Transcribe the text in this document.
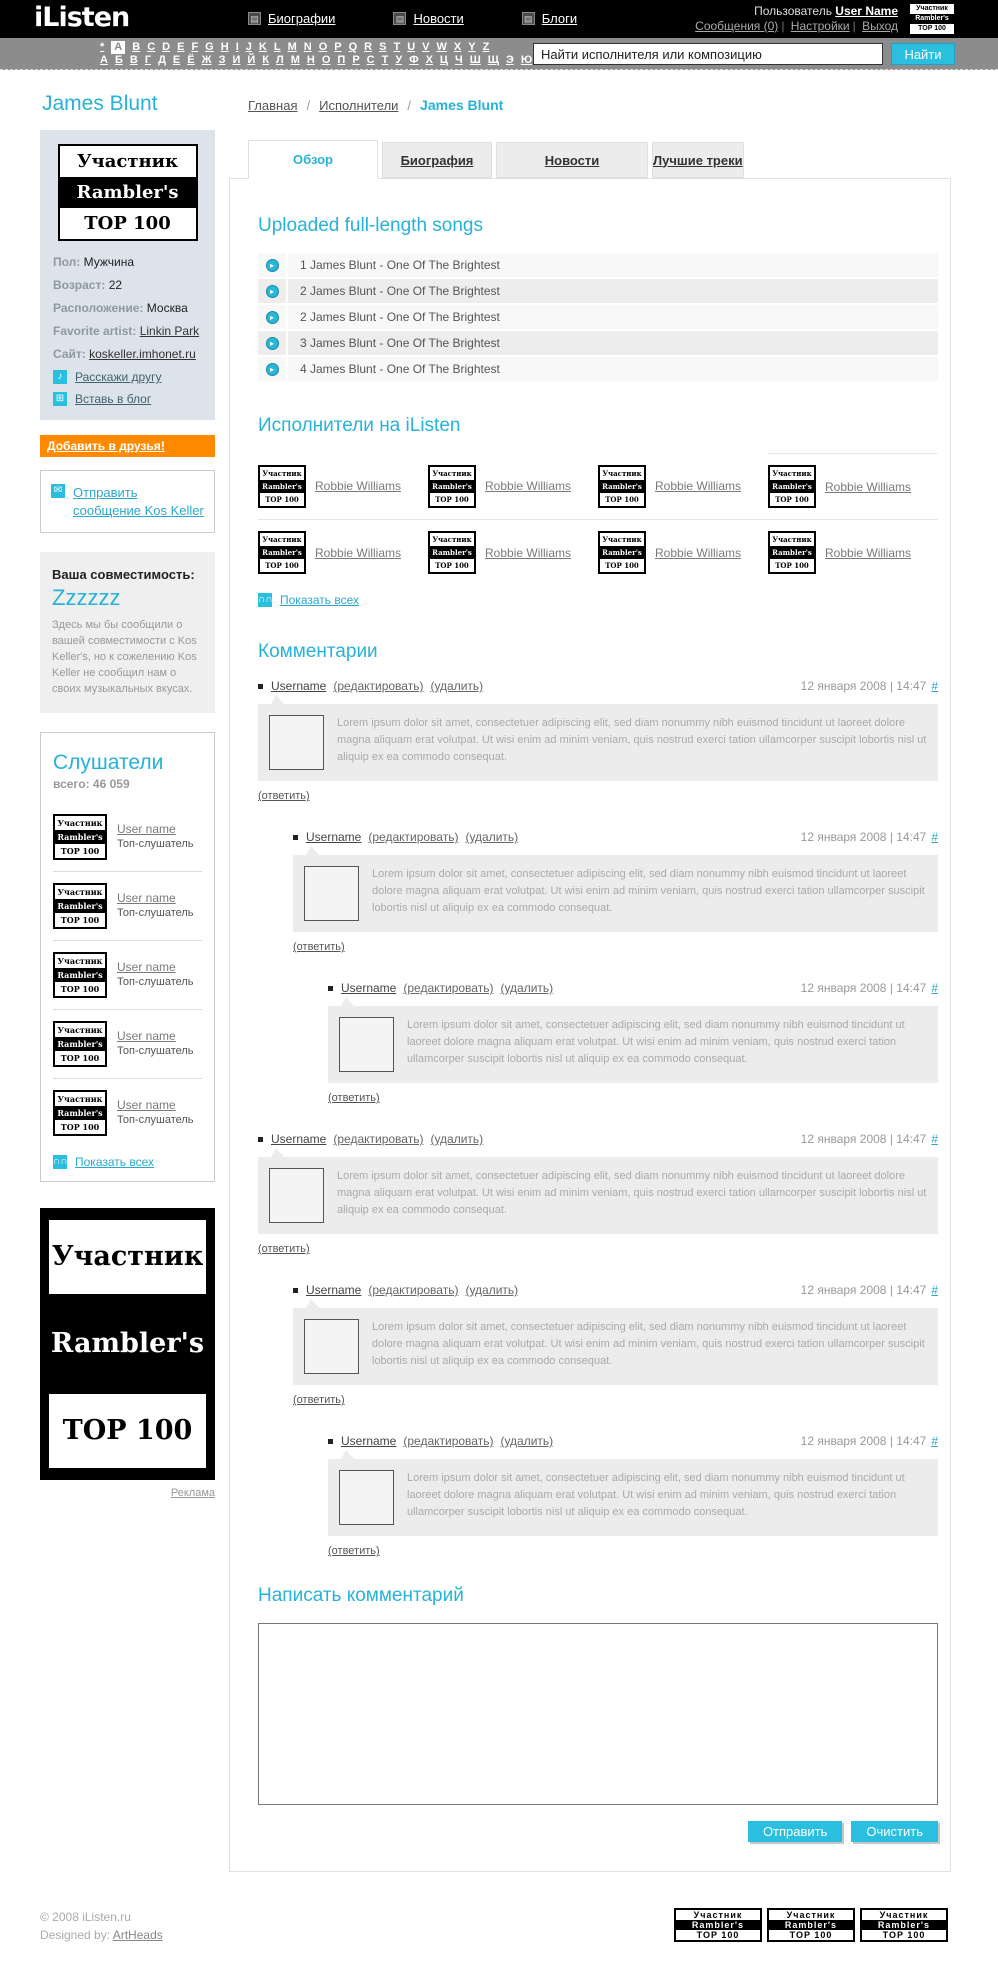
iListen	▤ Биографии	▤ Новости	▤ Блоги	Пользователь User Name
Сообщения (0) | Настройки | Выход
Участник
Rambler's
TOP 100
* A B C D E F G H I J K L M N O P Q R S T U V W X Y Z
А Б В Г Д Е Ё Ж З И Й К Л М Н О П Р С Т У Ф Х Ц Ч Ш Щ Э Ю
Найти исполнителя или композицию	Найти
James Blunt
Участник
Rambler's
TOP 100
Пол: Мужчина
Возраст: 22
Расположение: Москва
Favorite artist: Linkin Park
Сайт: koskeller.imhonet.ru
♪	Расскажи другу
⊞ Вставь в блог
Добавить в друзья!
✉ Отправить сообщение Kos Keller
Ваша совместимость:
Zzzzzz

Здесь мы бы сообщили о вашей совместимости с Kos Keller's, но к сожелению Kos Keller не сообщил нам о своих музыкальных вкусах.

Слушатели
всего: 46 059
Участник
Rambler's
TOP 100
User name
Топ-слушатель
Участник
Rambler's
TOP 100
User name
Топ-слушатель
Участник
Rambler's
TOP 100
User name
Топ-слушатель
Участник
Rambler's
TOP 100
User name
Топ-слушатель
Участник
Rambler's
TOP 100
User name
Топ-слушатель
∩∩ Показать всех
Участник
Rambler's
TOP 100
Реклама
Главная / Исполнители / James Blunt
Обзор	Биография	Новости	Лучшие треки
Uploaded full-length songs
▸	1 James Blunt - One Of The Brightest
▸	2 James Blunt - One Of The Brightest
▸	2 James Blunt - One Of The Brightest
▸	3 James Blunt - One Of The Brightest
▸	4 James Blunt - One Of The Brightest
Исполнители на iListen
Участник
Rambler's
TOP 100
Robbie Williams
Участник
Rambler's
TOP 100
Robbie Williams
Участник
Rambler's
TOP 100
Robbie Williams
Участник
Rambler's
TOP 100
Robbie Williams
Участник
Rambler's
TOP 100
Robbie Williams
Участник
Rambler's
TOP 100
Robbie Williams
Участник
Rambler's
TOP 100
Robbie Williams
Участник
Rambler's
TOP 100
Robbie Williams
∩∩ Показать всех
Комментарии
Username (редактировать) (удалить)	12 января 2008 | 14:47 #
Lorem ipsum dolor sit amet, consectetuer adipiscing elit, sed diam nonummy nibh euismod tincidunt ut laoreet dolore magna aliquam erat volutpat. Ut wisi enim ad minim veniam, quis nostrud exerci tation ullamcorper suscipit lobortis nisl ut aliquip ex ea commodo consequat.
(ответить)
Username (редактировать) (удалить)	12 января 2008 | 14:47 #
Lorem ipsum dolor sit amet, consectetuer adipiscing elit, sed diam nonummy nibh euismod tincidunt ut laoreet dolore magna aliquam erat volutpat. Ut wisi enim ad minim veniam, quis nostrud exerci tation ullamcorper suscipit lobortis nisl ut aliquip ex ea commodo consequat.
(ответить)
Username (редактировать) (удалить)	12 января 2008 | 14:47 #
Lorem ipsum dolor sit amet, consectetuer adipiscing elit, sed diam nonummy nibh euismod tincidunt ut laoreet dolore magna aliquam erat volutpat. Ut wisi enim ad minim veniam, quis nostrud exerci tation ullamcorper suscipit lobortis nisl ut aliquip ex ea commodo consequat.
(ответить)
Username (редактировать) (удалить)	12 января 2008 | 14:47 #
Lorem ipsum dolor sit amet, consectetuer adipiscing elit, sed diam nonummy nibh euismod tincidunt ut laoreet dolore magna aliquam erat volutpat. Ut wisi enim ad minim veniam, quis nostrud exerci tation ullamcorper suscipit lobortis nisl ut aliquip ex ea commodo consequat.
(ответить)
Username (редактировать) (удалить)	12 января 2008 | 14:47 #
Lorem ipsum dolor sit amet, consectetuer adipiscing elit, sed diam nonummy nibh euismod tincidunt ut laoreet dolore magna aliquam erat volutpat. Ut wisi enim ad minim veniam, quis nostrud exerci tation ullamcorper suscipit lobortis nisl ut aliquip ex ea commodo consequat.
(ответить)
Username (редактировать) (удалить)	12 января 2008 | 14:47 #
Lorem ipsum dolor sit amet, consectetuer adipiscing elit, sed diam nonummy nibh euismod tincidunt ut laoreet dolore magna aliquam erat volutpat. Ut wisi enim ad minim veniam, quis nostrud exerci tation ullamcorper suscipit lobortis nisl ut aliquip ex ea commodo consequat.
(ответить)
Написать комментарий
Отправить	Очистить
© 2008 iListen.ru
Designed by: ArtHeads
Участник
Rambler's
TOP 100
Участник
Rambler's
TOP 100
Участник
Rambler's
TOP 100
